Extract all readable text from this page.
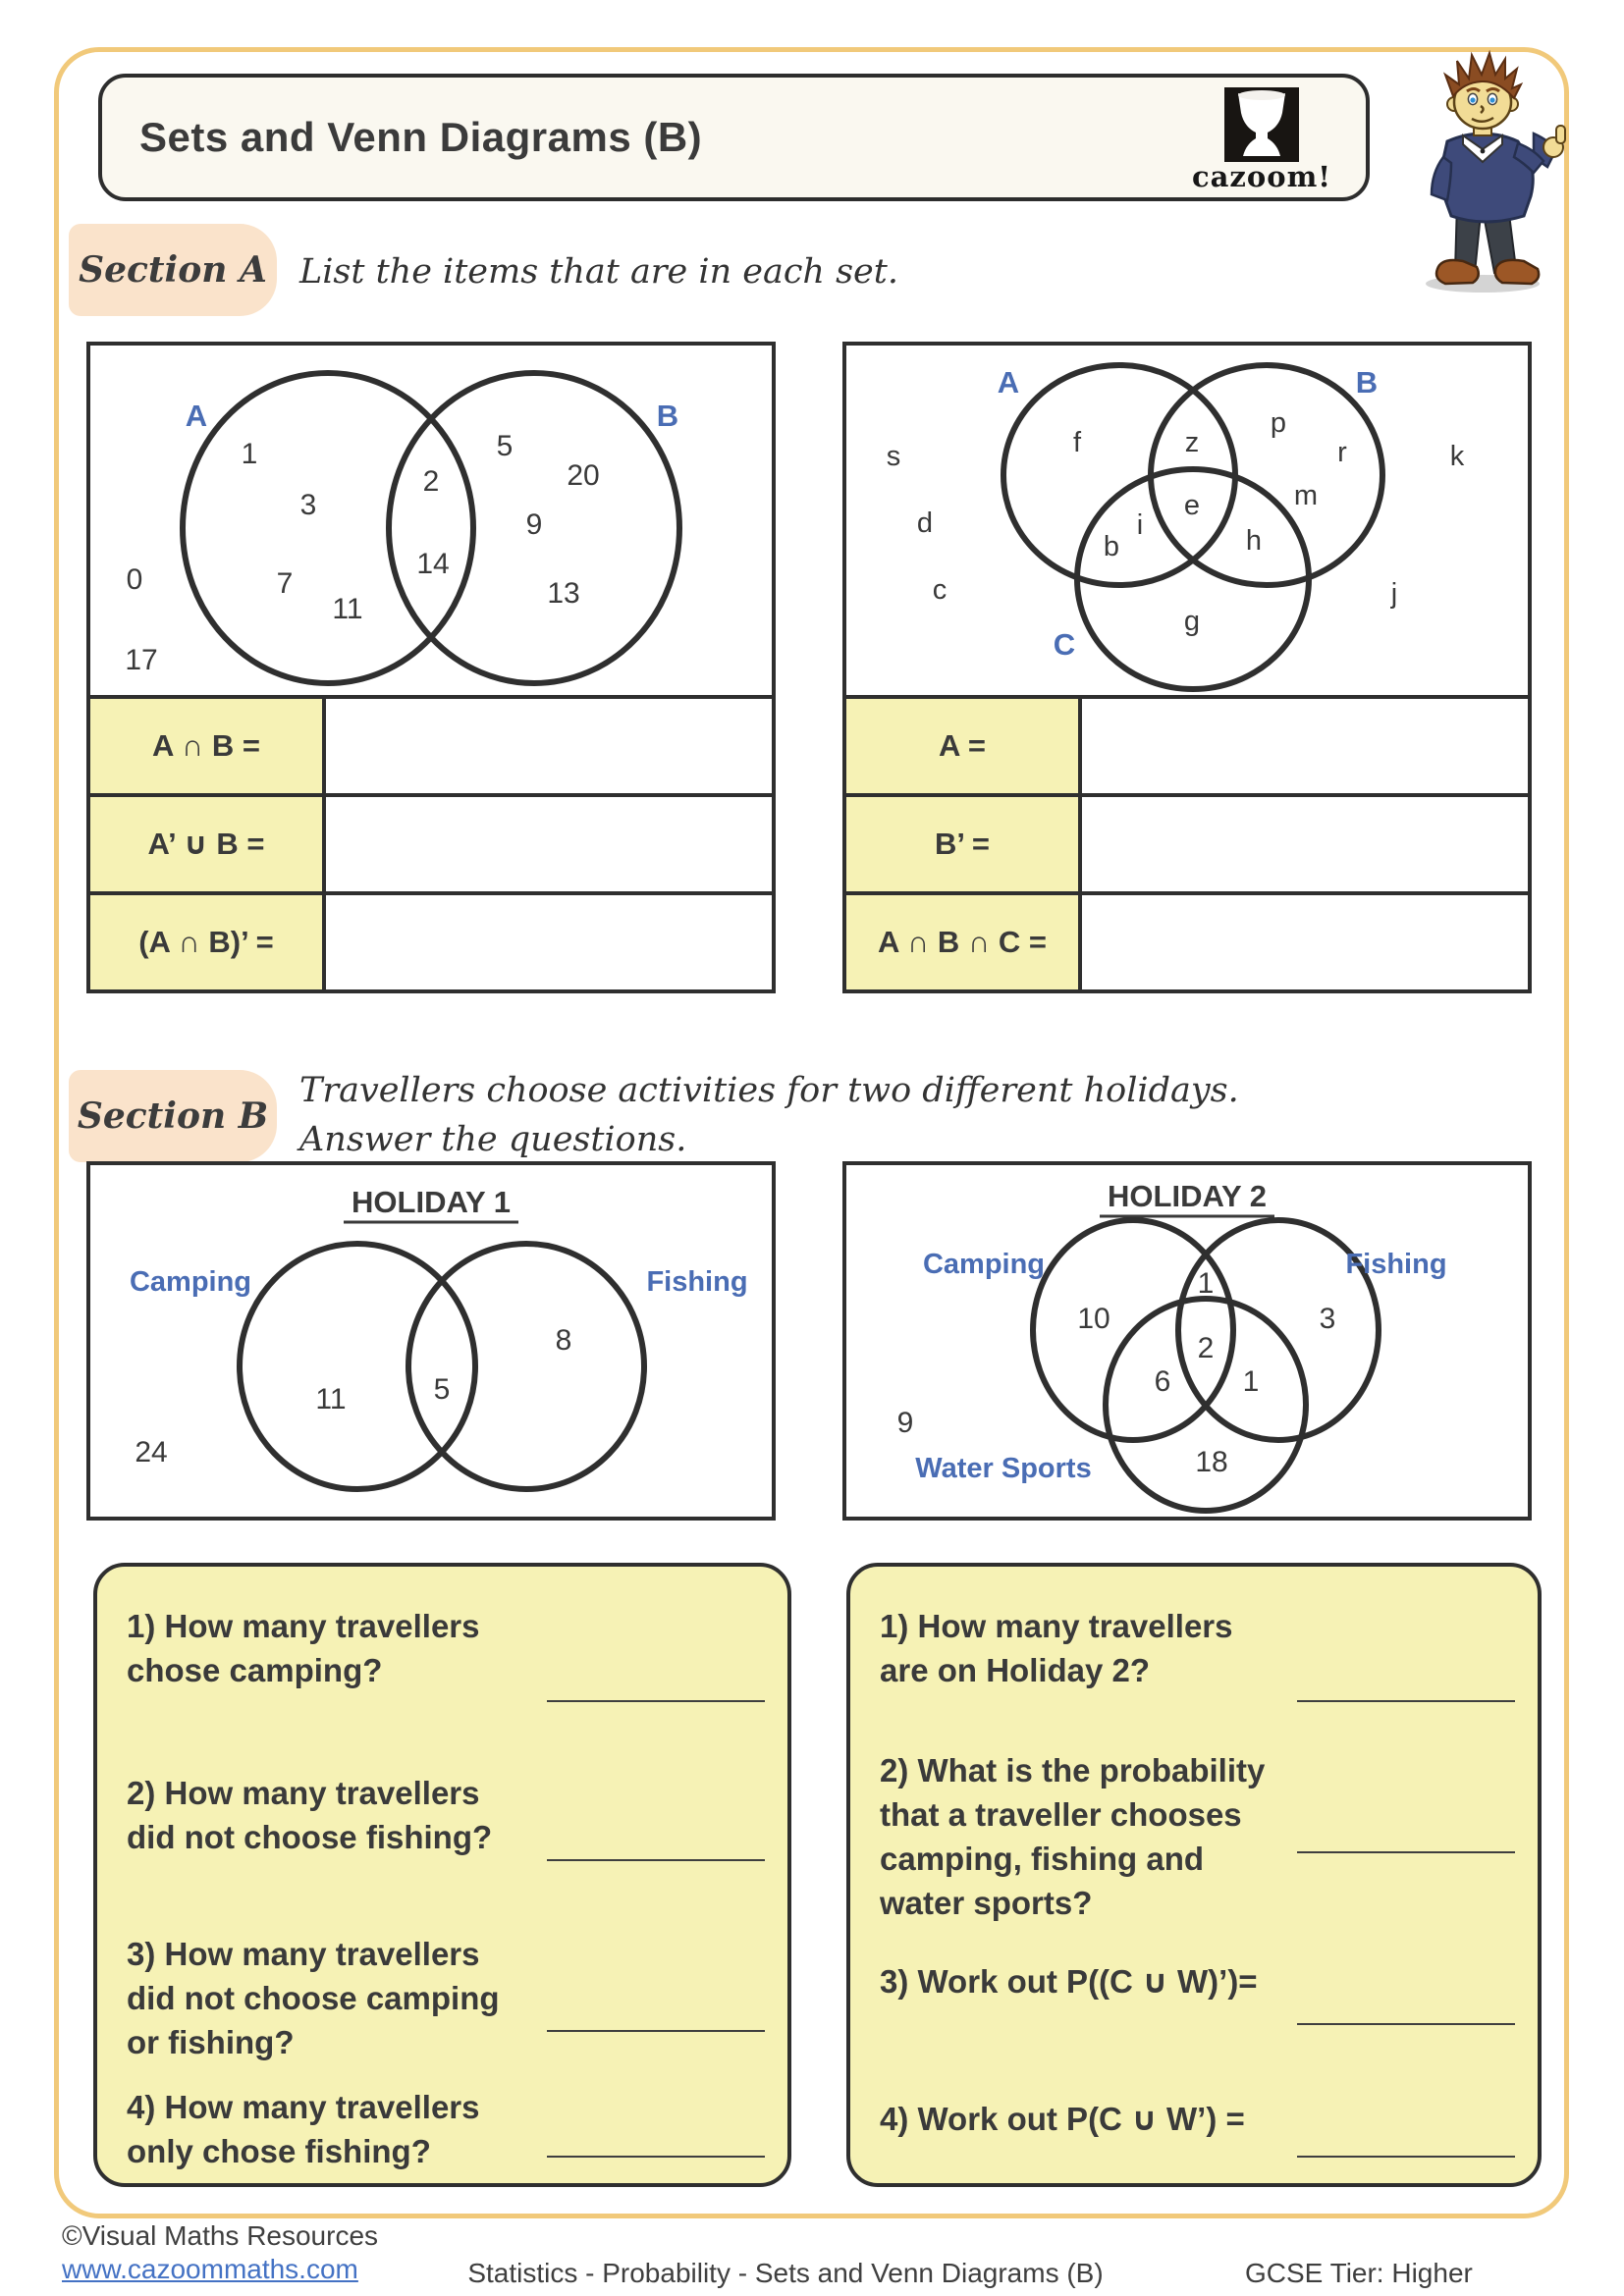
Sets and Venn Diagrams (B)
cazoom!
Section A List the items that are in each set.
A	B
1
3
7
11
2
14
5
20
9
13
0
17
A ∩ B =
A’ ∪ B =
(A ∩ B)’ =
A	B
C
s
d
c
k
j
f	z
p
r
m
e
i
b	h
g
A =
B’ =
A ∩ B ∩ C =
Section B
Travellers choose activities for two different holidays.
Answer the questions.
HOLIDAY 1
Camping	Fishing
11	5
8
24
HOLIDAY 2
Camping	Fishing
Water Sports
10
1
3
2
6 1
18
9
1) How many travellers
chose camping?
2) How many travellers
did not choose fishing?
3) How many travellers
did not choose camping
or fishing?
4) How many travellers
only chose fishing?
1) How many travellers
are on Holiday 2?
2) What is the probability
that a traveller chooses
camping, fishing and
water sports?
3) Work out P((C ∪ W)’)=
4) Work out P(C ∪ W’) =
©Visual Maths Resources
www.cazoommaths.com	Statistics - Probability - Sets and Venn Diagrams (B)	GCSE Tier: Higher
